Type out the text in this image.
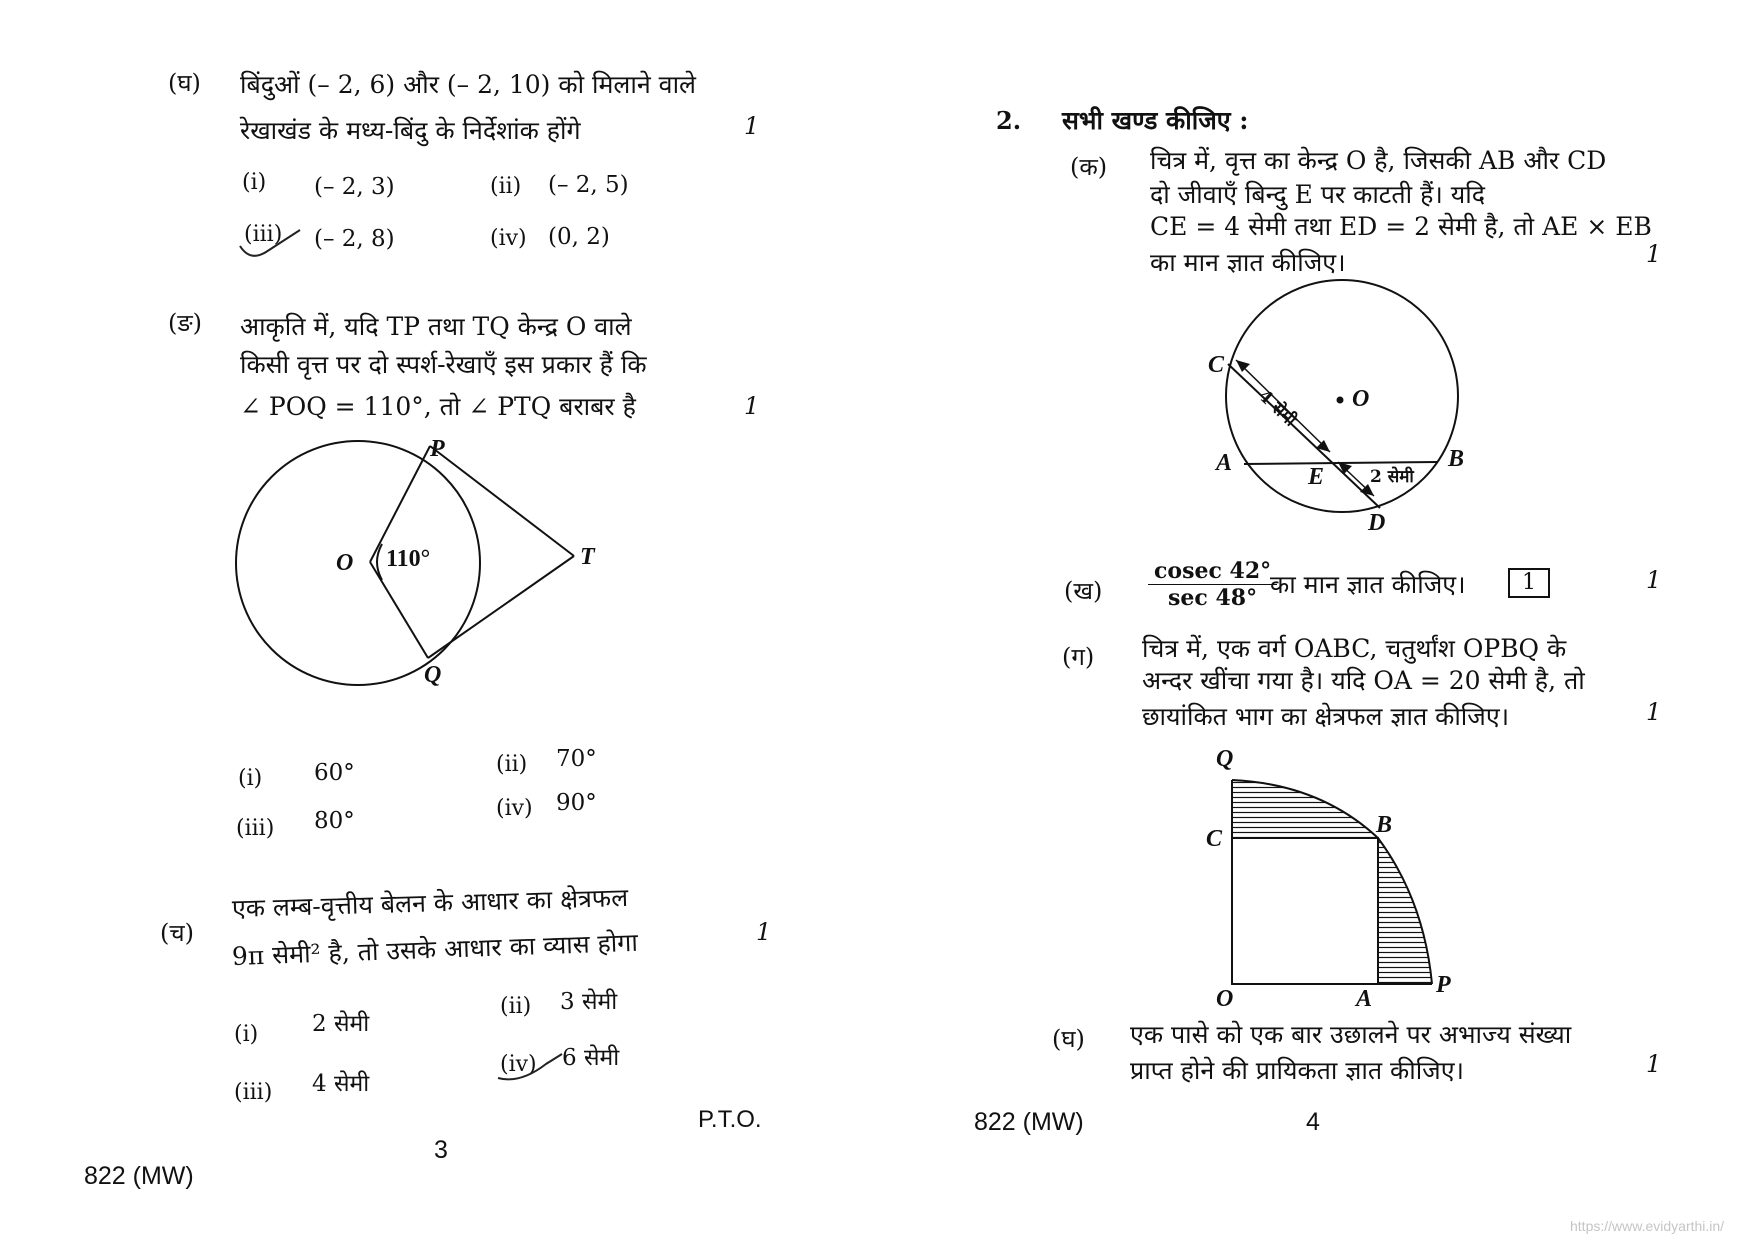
(घ) बिंदुओं (– 2, 6) और (– 2, 10) को मिलाने वाले
रेखाखंड के मध्य-बिंदु के निर्देशांक होंगे	1
(i) (– 2, 3)	(ii) (– 2, 5)
(iii) (– 2, 8)	(iv) (0, 2)
(ङ) आकृति में, यदि TP तथा TQ केन्द्र O वाले
किसी वृत्त पर दो स्पर्श-रेखाएँ इस प्रकार हैं कि
∠ POQ = 110°, तो ∠ PTQ बराबर है	1
P
O 110°	T
Q
(i) 60°	(ii) 70°
(iii) 80°	(iv) 90°
(च)
एक लम्ब-वृत्तीय बेलन के आधार का क्षेत्रफल
9π सेमी² है, तो उसके आधार का व्यास होगा	1
(i) 2 सेमी
(ii) 3 सेमी
(iii) 4 सेमी
(iv) 6 सेमी
P.T.O.
3
822 (MW)
2. सभी खण्ड कीजिए :
(क) चित्र में, वृत्त का केन्द्र O है, जिसकी AB और CD
दो जीवाएँ बिन्दु E पर काटती हैं। यदि
CE = 4 सेमी तथा ED = 2 सेमी है, तो AE × EB
का मान ज्ञात कीजिए।	1
C
O
A
E
B
D
4 सेमी
2 सेमी
(ख)
cosec 42°
sec 48° का मान ज्ञात कीजिए।	1	1
(ग) चित्र में, एक वर्ग OABC, चतुर्थांश OPBQ के
अन्दर खींचा गया है। यदि OA = 20 सेमी है, तो
छायांकित भाग का क्षेत्रफल ज्ञात कीजिए।	1
Q
C
B
O	A
P
(घ) एक पासे को एक बार उछालने पर अभाज्य संख्या
प्राप्त होने की प्रायिकता ज्ञात कीजिए।	1
822 (MW)	4
https://www.evidyarthi.in/
